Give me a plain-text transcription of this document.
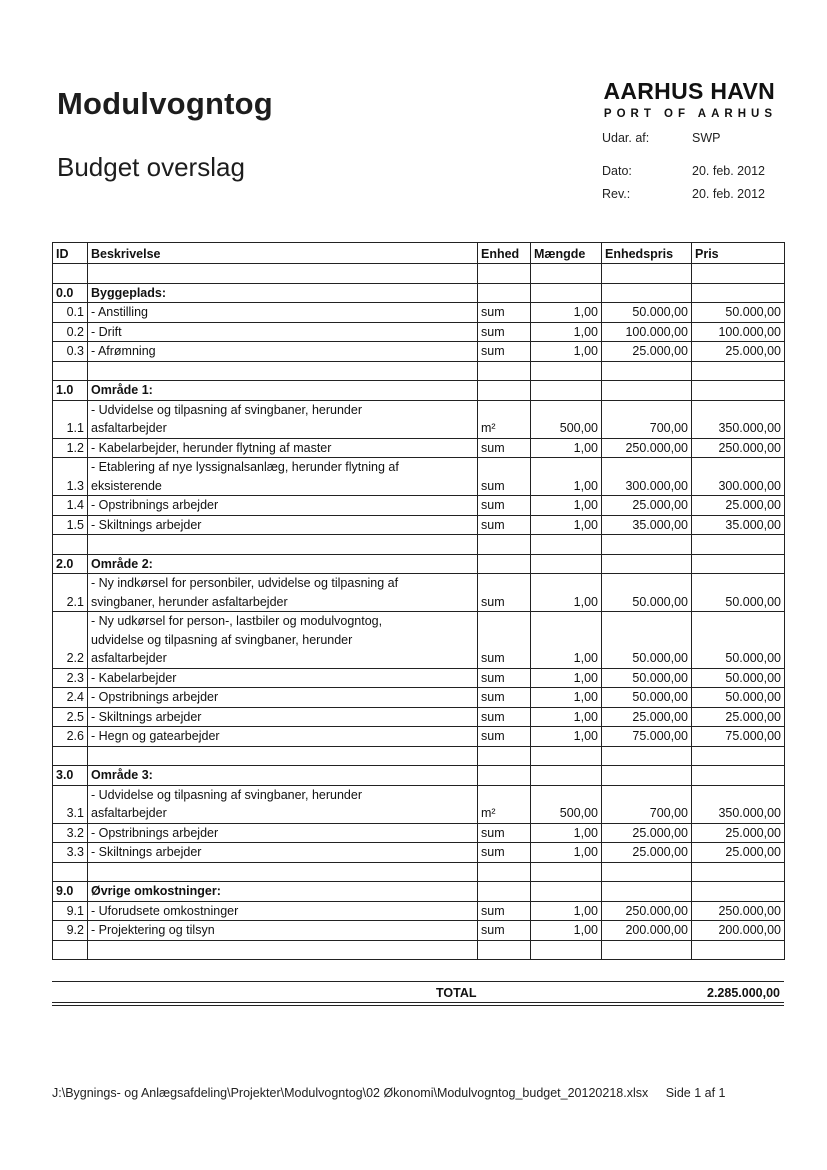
Modulvogntog
Budget overslag
AARHUS HAVN
PORT OF AARHUS
Udar. af:	SWP
Dato:	20. feb. 2012
Rev.:	20. feb. 2012
ID	Beskrivelse	Enhed	Mængde	Enhedspris	Pris

0.0	Byggeplads:				

0.1	- Anstilling	sum	1,00	50.000,00	50.000,00
0.2	- Drift	sum	1,00	100.000,00	100.000,00
0.3	- Afrømning	sum	1,00	25.000,00	25.000,00

1.0	Område 1:				

1.1	- Udvidelse og tilpasning af svingbaner, herunder
asfaltarbejder	m²	500,00	700,00	350.000,00
1.2	- Kabelarbejder, herunder flytning af master	sum	1,00	250.000,00	250.000,00
1.3	- Etablering af nye lyssignalsanlæg, herunder flytning af
eksisterende	sum	1,00	300.000,00	300.000,00
1.4	- Opstribnings arbejder	sum	1,00	25.000,00	25.000,00
1.5	- Skiltnings arbejder	sum	1,00	35.000,00	35.000,00

2.0	Område 2:				

2.1	- Ny indkørsel for personbiler, udvidelse og tilpasning af
svingbaner, herunder asfaltarbejder	sum	1,00	50.000,00	50.000,00
2.2	- Ny udkørsel for person-, lastbiler og modulvogntog,
udvidelse og tilpasning af svingbaner, herunder
asfaltarbejder	sum	1,00	50.000,00	50.000,00
2.3	- Kabelarbejder	sum	1,00	50.000,00	50.000,00
2.4	- Opstribnings arbejder	sum	1,00	50.000,00	50.000,00
2.5	- Skiltnings arbejder	sum	1,00	25.000,00	25.000,00
2.6	- Hegn og gatearbejder	sum	1,00	75.000,00	75.000,00

3.0	Område 3:				

3.1	- Udvidelse og tilpasning af svingbaner, herunder
asfaltarbejder	m²	500,00	700,00	350.000,00
3.2	- Opstribnings arbejder	sum	1,00	25.000,00	25.000,00
3.3	- Skiltnings arbejder	sum	1,00	25.000,00	25.000,00

9.0	Øvrige omkostninger:				

9.1	- Uforudsete omkostninger	sum	1,00	250.000,00	250.000,00
9.2	- Projektering og tilsyn	sum	1,00	200.000,00	200.000,00

TOTAL	2.285.000,00
J:\Bygnings- og Anlægsafdeling\Projekter\Modulvogntog\02 Økonomi\Modulvogntog_budget_20120218.xlsx Side 1 af 1
